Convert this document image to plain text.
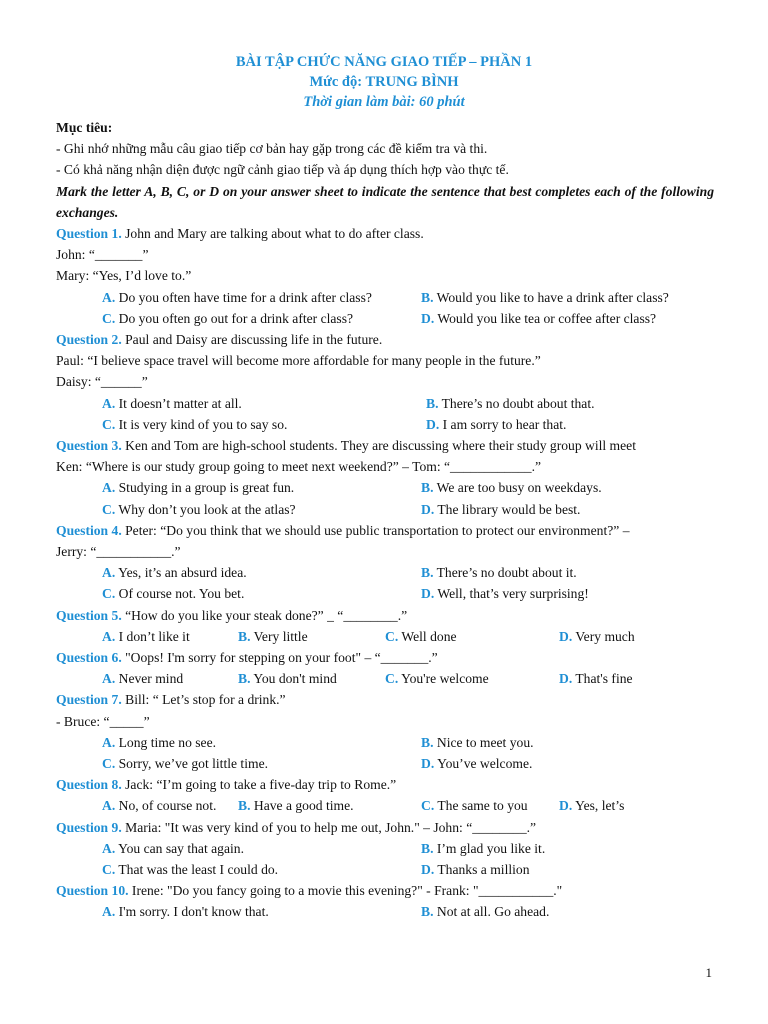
BÀI TẬP CHỨC NĂNG GIAO TIẾP – PHẦN 1
Mức độ: TRUNG BÌNH
Thời gian làm bài: 60 phút
Mục tiêu:
- Ghi nhớ những mẫu câu giao tiếp cơ bản hay gặp trong các đề kiểm tra và thi.
- Có khả năng nhận diện được ngữ cảnh giao tiếp và áp dụng thích hợp vào thực tế.
Mark the letter A, B, C, or D on your answer sheet to indicate the sentence that best completes each of the following exchanges.
Question 1. John and Mary are talking about what to do after class.
John: “_______”
Mary: “Yes, I’d love to.”
A. Do you often have time for a drink after class?	B. Would you like to have a drink after class?
C. Do you often go out for a drink after class?	D. Would you like tea or coffee after class?
Question 2. Paul and Daisy are discussing life in the future.
Paul: “I believe space travel will become more affordable for many people in the future.”
Daisy: “______”
A. It doesn’t matter at all.	B. There’s no doubt about that.
C. It is very kind of you to say so.	D. I am sorry to hear that.
Question 3. Ken and Tom are high-school students. They are discussing where their study group will meet
Ken: “Where is our study group going to meet next weekend?” – Tom: “____________.”
A. Studying in a group is great fun.	B. We are too busy on weekdays.
C. Why don’t you look at the atlas?	D. The library would be best.
Question 4. Peter: “Do you think that we should use public transportation to protect our environment?” –
Jerry: “___________.”
A. Yes, it’s an absurd idea.	B. There’s no doubt about it.
C. Of course not. You bet.	D. Well, that’s very surprising!
Question 5. “How do you like your steak done?” _ “________.”
A. I don’t like it	B. Very little	C. Well done	D. Very much
Question 6. "Oops! I'm sorry for stepping on your foot" – “_______.”
A. Never mind	B. You don't mind	C. You're welcome	D. That's fine
Question 7. Bill: “ Let’s stop for a drink.”
- Bruce: “_____”
A. Long time no see.	B. Nice to meet you.
C. Sorry, we’ve got little time.	D. You’ve welcome.
Question 8. Jack: “I’m going to take a five-day trip to Rome.”
A. No, of course not. B. Have a good time.	C. The same to you D. Yes, let’s
Question 9. Maria: "It was very kind of you to help me out, John." – John: “________.”
A. You can say that again.	B. I’m glad you like it.
C. That was the least I could do.	D. Thanks a million
Question 10. Irene: "Do you fancy going to a movie this evening?" - Frank: "___________."
A. I'm sorry. I don't know that.	B. Not at all. Go ahead.
1
